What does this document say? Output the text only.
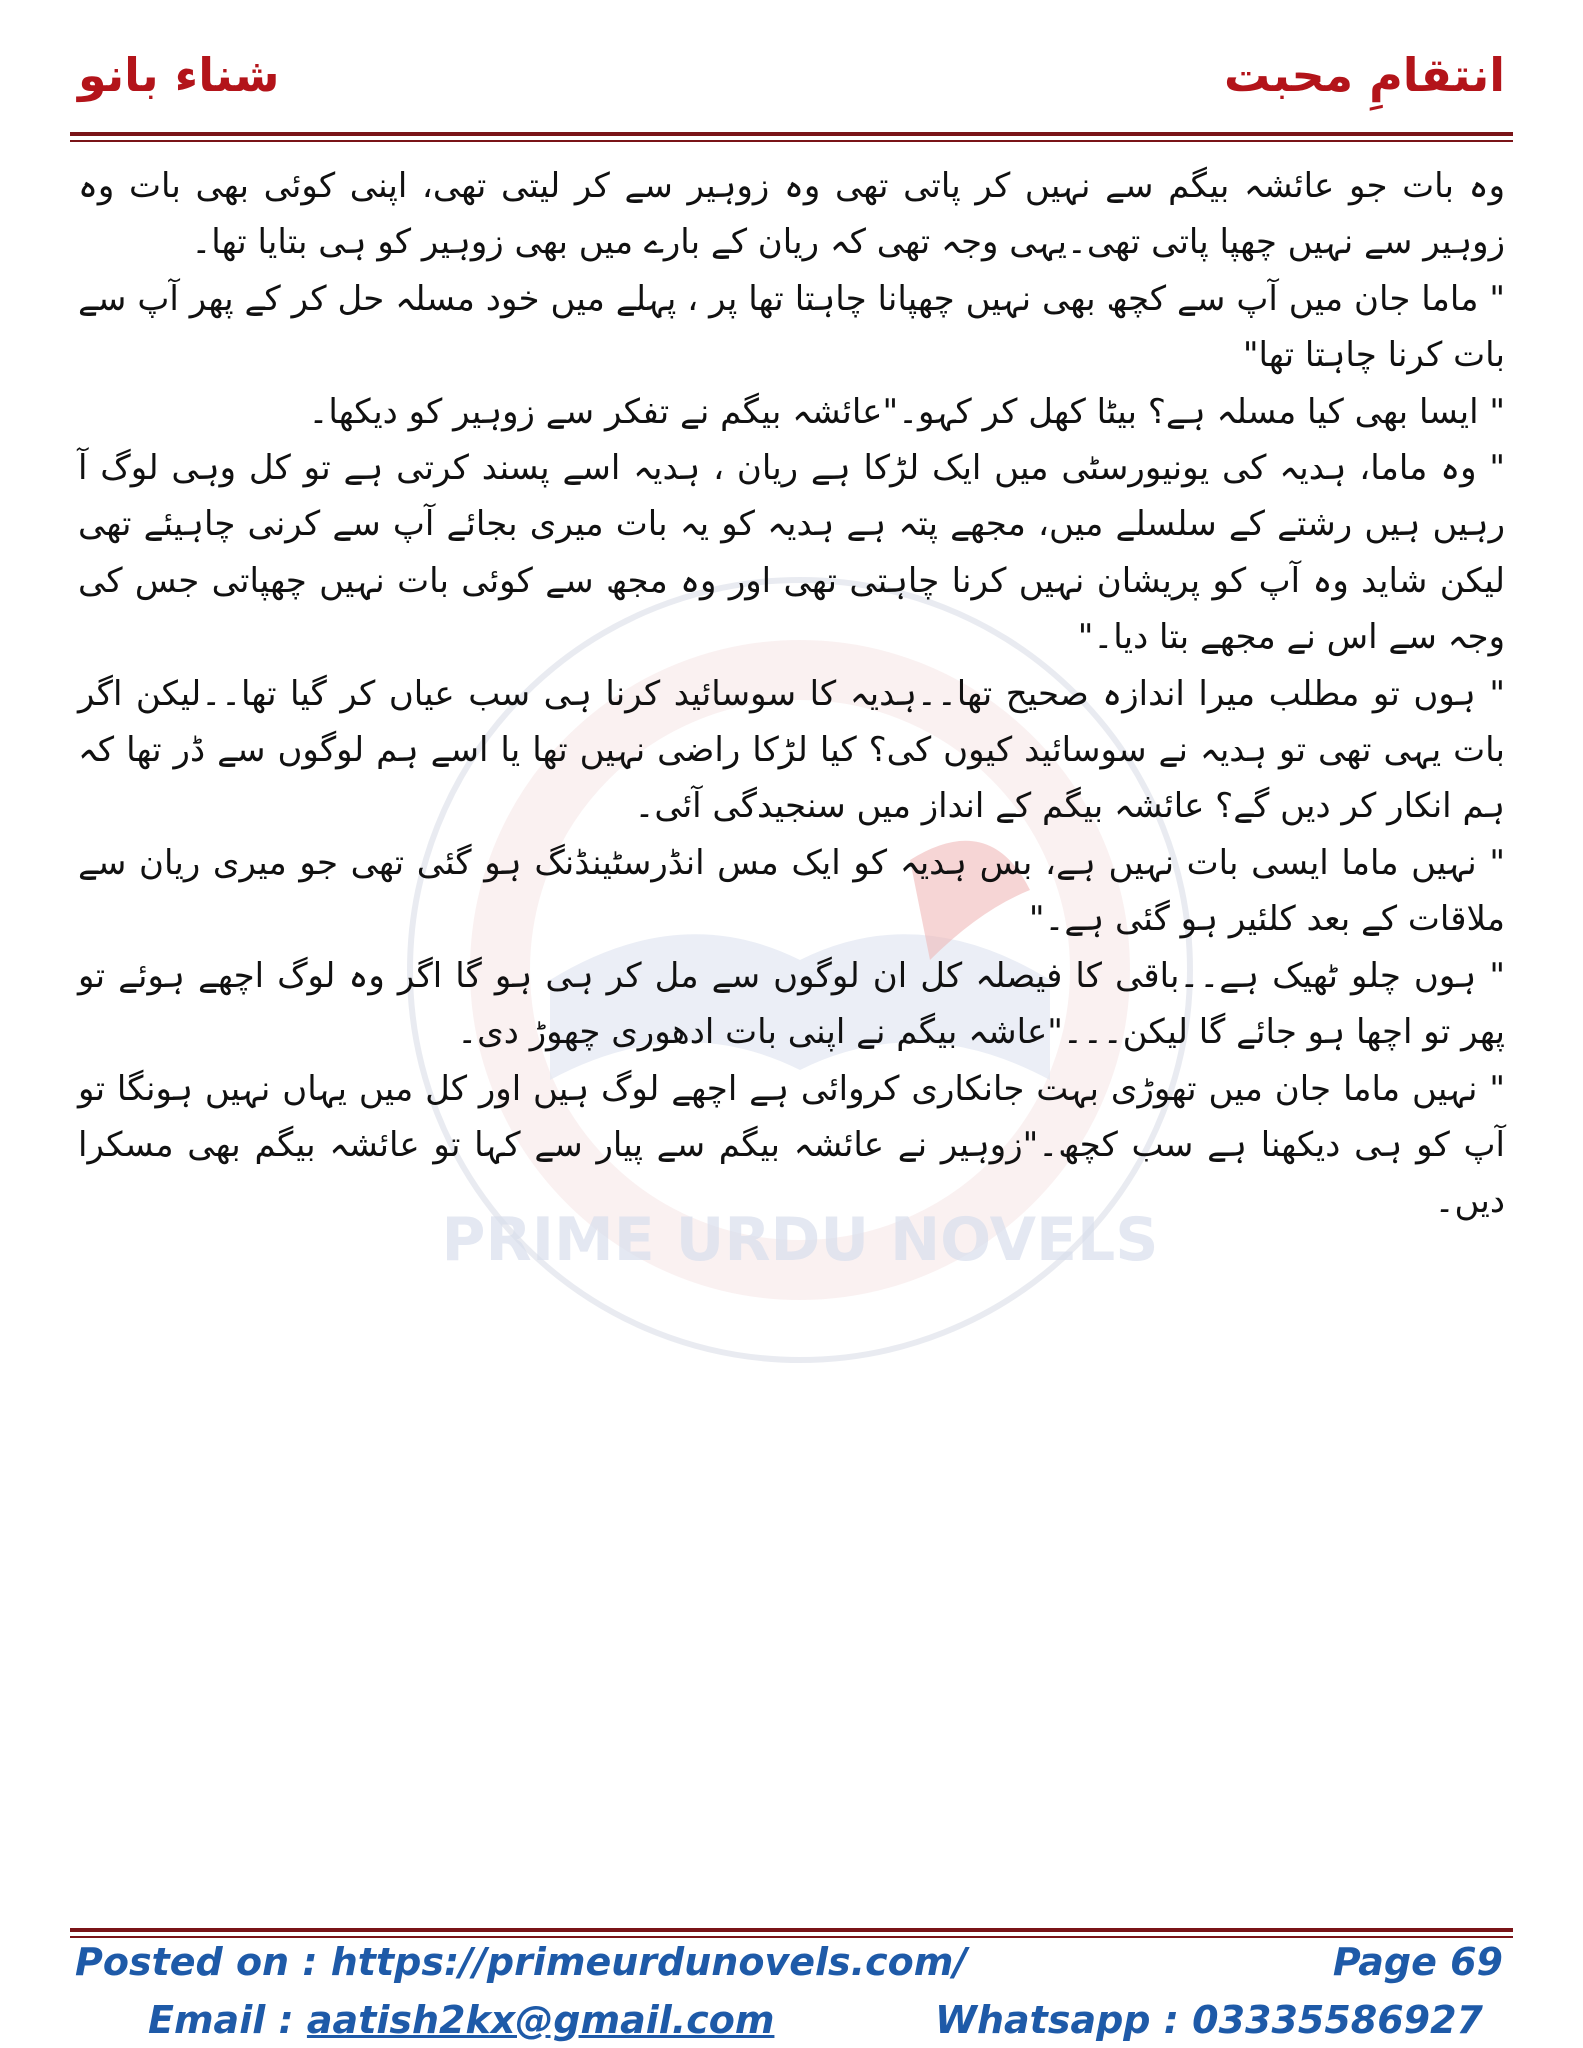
شناء بانو	انتقامِ محبت
PRIME URDU NOVELS

وہ بات جو عائشہ بیگم سے نہیں کر پاتی تھی وہ زوہیر سے کر لیتی تھی، اپنی کوئی بھی بات وہ زوہیر سے نہیں چھپا پاتی تھی۔یہی وجہ تھی کہ ریان کے بارے میں بھی زوہیر کو ہی بتایا تھا۔

" ماما جان میں آپ سے کچھ بھی نہیں چھپانا چاہتا تھا پر ، پہلے میں خود مسلہ حل کر کے پھر آپ سے بات کرنا چاہتا تھا"

" ایسا بھی کیا مسلہ ہے؟ بیٹا کھل کر کہو۔"عائشہ بیگم نے تفکر سے زوہیر کو دیکھا۔

" وہ ماما، ہدیہ کی یونیورسٹی میں ایک لڑکا ہے ریان ، ہدیہ اسے پسند کرتی ہے تو کل وہی لوگ آ رہیں ہیں رشتے کے سلسلے میں، مجھے پتہ ہے ہدیہ کو یہ بات میری بجائے آپ سے کرنی چاہیئے تھی لیکن شاید وہ آپ کو پریشان نہیں کرنا چاہتی تھی اور وہ مجھ سے کوئی بات نہیں چھپاتی جس کی وجہ سے اس نے مجھے بتا دیا۔"

" ہوں تو مطلب میرا اندازہ صحیح تھا۔۔ہدیہ کا سوسائید کرنا ہی سب عیاں کر گیا تھا۔۔لیکن اگر بات یہی تھی تو ہدیہ نے سوسائید کیوں کی؟ کیا لڑکا راضی نہیں تھا یا اسے ہم لوگوں سے ڈر تھا کہ ہم انکار کر دیں گے؟ عائشہ بیگم کے انداز میں سنجیدگی آئی۔

" نہیں ماما ایسی بات نہیں ہے، بس ہدیہ کو ایک مس انڈرسٹینڈنگ ہو گئی تھی جو میری ریان سے ملاقات کے بعد کلئیر ہو گئی ہے۔"

" ہوں چلو ٹھیک ہے۔۔باقی کا فیصلہ کل ان لوگوں سے مل کر ہی ہو گا اگر وہ لوگ اچھے ہوئے تو پھر تو اچھا ہو جائے گا لیکن۔۔۔"عاشہ بیگم نے اپنی بات ادھوری چھوڑ دی۔

" نہیں ماما جان میں تھوڑی بہت جانکاری کروائی ہے اچھے لوگ ہیں اور کل میں یہاں نہیں ہونگا تو آپ کو ہی دیکھنا ہے سب کچھ۔"زوہیر نے عائشہ بیگم سے پیار سے کہا تو عائشہ بیگم بھی مسکرا دیں۔

Posted on : https://primeurdunovels.com/	Page 69
Email : aatish2kx@gmail.com	Whatsapp : 03335586927
